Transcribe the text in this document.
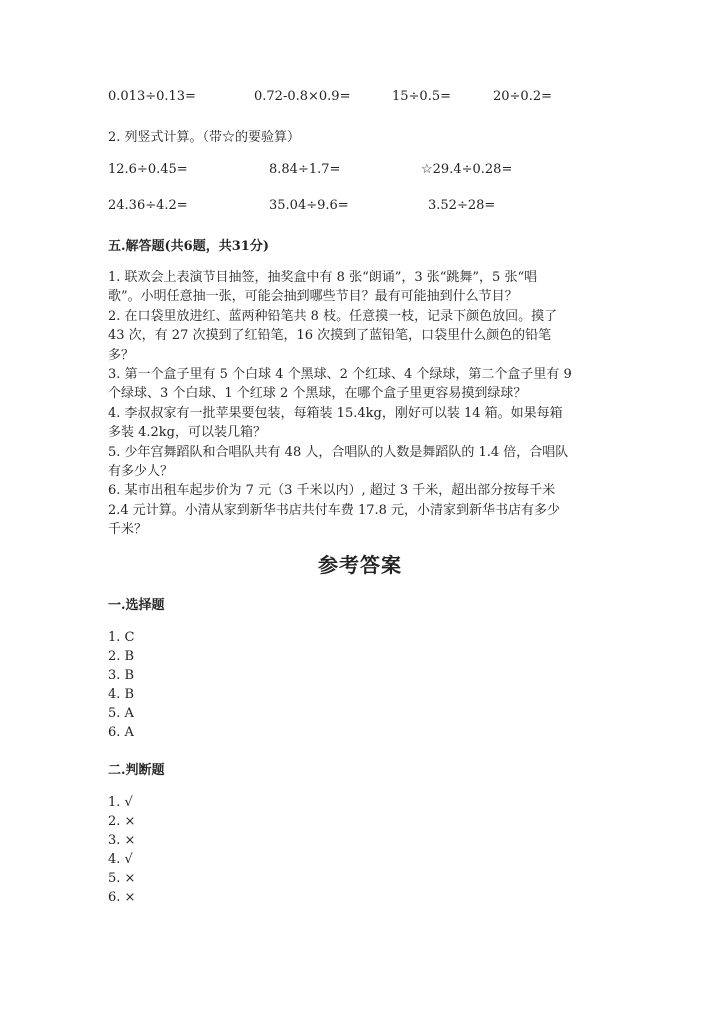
0.013÷0.13=	0.72-0.8×0.9=	15÷0.5=	20÷0.2=
2. 列竖式计算。（带☆的要验算）
12.6÷0.45=	8.84÷1.7=	☆29.4÷0.28=
24.36÷4.2=	35.04÷9.6=	3.52÷28=
五.解答题(共6题，共31分)
1. 联欢会上表演节目抽签，抽奖盒中有 8 张“朗诵”，3 张“跳舞”，5 张“唱
歌”。小明任意抽一张，可能会抽到哪些节目？最有可能抽到什么节目？
2. 在口袋里放进红、蓝两种铅笔共 8 枝。任意摸一枝，记录下颜色放回。摸了
43 次，有 27 次摸到了红铅笔，16 次摸到了蓝铅笔，口袋里什么颜色的铅笔
多？
3. 第一个盒子里有 5 个白球 4 个黑球、2 个红球、4 个绿球，第二个盒子里有 9
个绿球、3 个白球、1 个红球 2 个黑球，在哪个盒子里更容易摸到绿球？
4. 李叔叔家有一批苹果要包装，每箱装 15.4kg，刚好可以装 14 箱。如果每箱
多装 4.2kg，可以装几箱？
5. 少年宫舞蹈队和合唱队共有 48 人，合唱队的人数是舞蹈队的 1.4 倍，合唱队
有多少人？
6. 某市出租车起步价为 7 元（3 千米以内）, 超过 3 千米，超出部分按每千米
2.4 元计算。小清从家到新华书店共付车费 17.8 元，小清家到新华书店有多少
千米？
参考答案
一.选择题
1. C
2. B
3. B
4. B
5. A
6. A
二.判断题
1. √
2. ×
3. ×
4. √
5. ×
6. ×
